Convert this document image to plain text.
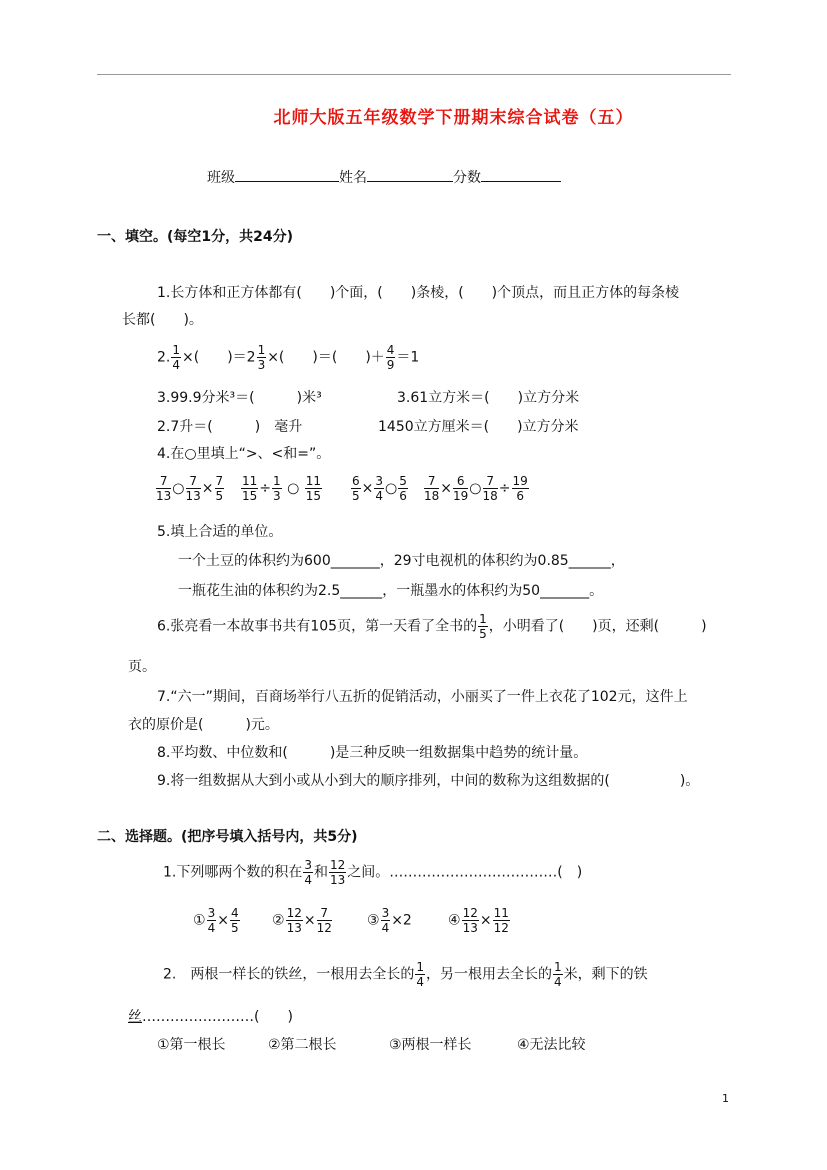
北师大版五年级数学下册期末综合试卷（五）
班级	姓名	分数
一、填空。(每空1分，共24分)
1.长方体和正方体都有(　　)个面，(　　)条棱，(　　)个顶点，而且正方体的每条棱
长都(　　)。
2. $\frac{1}{4}$ ×(　　)$=2 \frac{1}{3}$ ×(　　)＝(　　)＋ $\frac{4}{9} =1$
3.99.9分米³＝(　　　)米³	3.61立方米＝(　　)立方分米
2.7升＝(　　　)　毫升	1450立方厘米＝(　　)立方分米
4.在○里填上“>、<和=”。
$\frac{7}{13}$ ○ $\frac{7}{13} \times \frac{7}{5} \frac{11}{15} \div \frac{1}{3}$ ○ $\frac{11}{15} \frac{6}{5} \times \frac{3}{4}$ ○ $\frac{5}{6} \frac{7}{18} \times \frac{6}{19}$ ○ $\frac{7}{18} \div \frac{19}{6}$
5.填上合适的单位。
一个土豆的体积约为600_______，29寸电视机的体积约为0.85______，
一瓶花生油的体积约为2.5______，一瓶墨水的体积约为50_______。
6.张亮看一本故事书共有105页，第一天看了全书的 $\frac{1}{5}$ ，小明看了(　　)页，还剩(　　　)
页。
7.“六一”期间，百商场举行八五折的促销活动，小丽买了一件上衣花了102元，这件上
衣的原价是(　　　)元。
8.平均数、中位数和(　　　)是三种反映一组数据集中趋势的统计量。
9.将一组数据从大到小或从小到大的顺序排列，中间的数称为这组数据的(　　　　　)。
二、选择题。(把序号填入括号内，共5分)
1.下列哪两个数的积在 $\frac{3}{4}$ 和 $\frac{12}{13}$ 之间。………………………………(　)
① $\frac{3}{4} \times \frac{4}{5}$ ② $\frac{12}{13} \times \frac{7}{12}$	③ $\frac{3}{4} \times 2$	④ $\frac{12}{13} \times \frac{11}{12}$
2.　两根一样长的铁丝，一根用去全长的 $\frac{1}{4}$ ，另一根用去全长的 $\frac{1}{4}$ 米，剩下的铁
丝……………………(　　)
①第一根长	②第二根长	③两根一样长	④无法比较
1
